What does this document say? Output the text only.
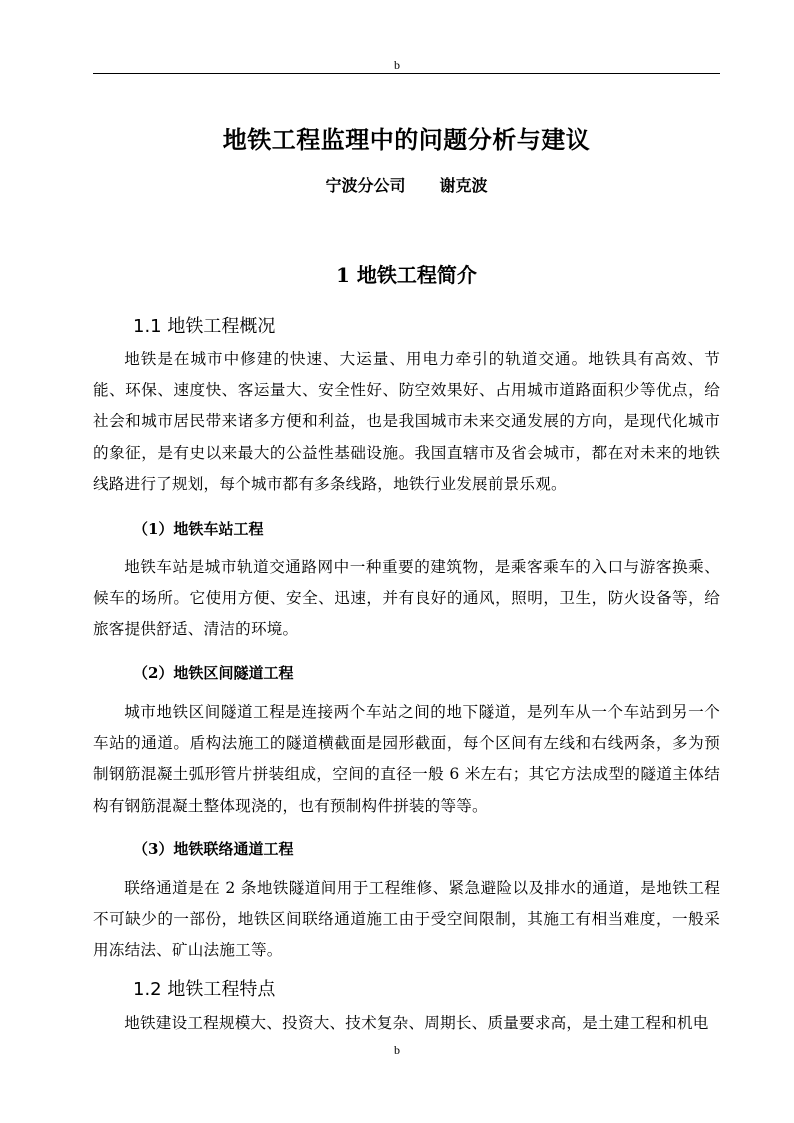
b
地铁工程监理中的问题分析与建议
宁波分公司 谢克波
1 地铁工程简介
1.1 地铁工程概况
地铁是在城市中修建的快速、大运量、用电力牵引的轨道交通。地铁具有高效、节能、环保、速度快、客运量大、安全性好、防空效果好、占用城市道路面积少等优点，给社会和城市居民带来诸多方便和利益，也是我国城市未来交通发展的方向，是现代化城市的象征，是有史以来最大的公益性基础设施。我国直辖市及省会城市，都在对未来的地铁线路进行了规划，每个城市都有多条线路，地铁行业发展前景乐观。
（1）地铁车站工程
地铁车站是城市轨道交通路网中一种重要的建筑物，是乘客乘车的入口与游客换乘、候车的场所。它使用方便、安全、迅速，并有良好的通风，照明，卫生，防火设备等，给旅客提供舒适、清洁的环境。
（2）地铁区间隧道工程
城市地铁区间隧道工程是连接两个车站之间的地下隧道，是列车从一个车站到另一个车站的通道。盾构法施工的隧道横截面是园形截面，每个区间有左线和右线两条，多为预制钢筋混凝土弧形管片拼装组成，空间的直径一般 6 米左右；其它方法成型的隧道主体结构有钢筋混凝土整体现浇的，也有预制构件拼装的等等。
（3）地铁联络通道工程
联络通道是在 2 条地铁隧道间用于工程维修、紧急避险以及排水的通道，是地铁工程不可缺少的一部份，地铁区间联络通道施工由于受空间限制，其施工有相当难度，一般采用冻结法、矿山法施工等。
1.2 地铁工程特点
地铁建设工程规模大、投资大、技术复杂、周期长、质量要求高，是土建工程和机电
b
